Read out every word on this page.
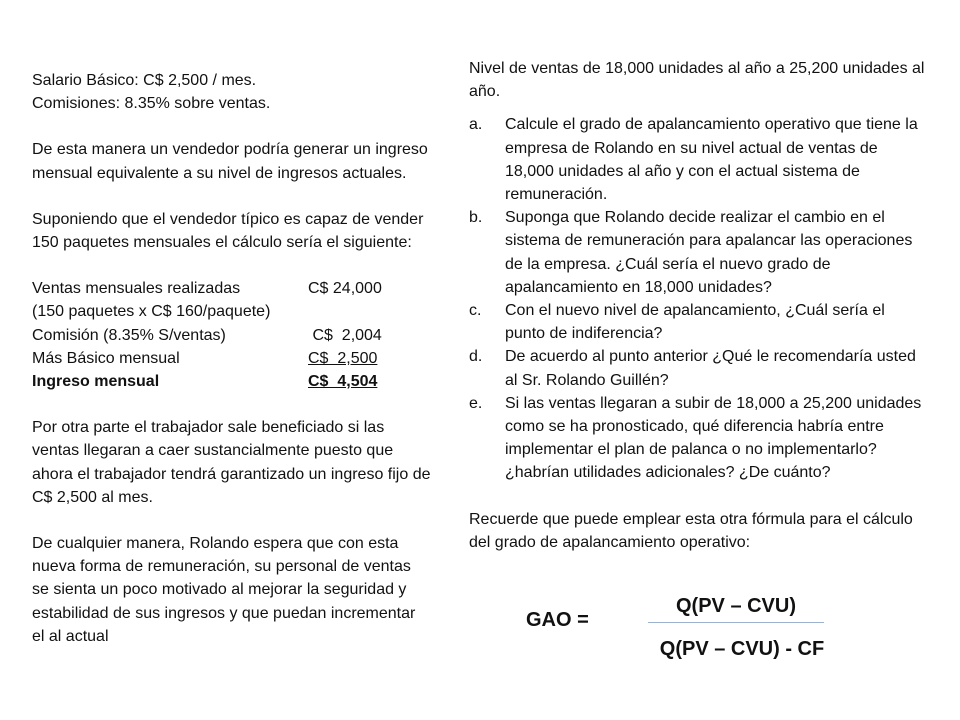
Salario Básico: C$ 2,500 / mes.

Comisiones: 8.35% sobre ventas.

De esta manera un vendedor podría generar un ingreso mensual equivalente a su nivel de ingresos actuales.

Suponiendo que el vendedor típico es capaz de vender 150 paquetes mensuales el cálculo sería el siguiente:

Ventas mensuales realizadas	C$ 24,000

(150 paquetes x C$ 160/paquete)

Comisión (8.35% S/ventas)	C$  2,004
Más Básico mensual	C$  2,500
Ingreso mensual	C$  4,504

Por otra parte el trabajador sale beneficiado si las ventas llegaran a caer sustancialmente puesto que ahora el trabajador tendrá garantizado un ingreso fijo de C$ 2,500 al mes.

De cualquier manera, Rolando espera que con esta nueva forma de remuneración, su personal de ventas se sienta un poco motivado al mejorar la seguridad y estabilidad de sus ingresos y que puedan incrementar el al actual

Nivel de ventas de 18,000 unidades al año a 25,200 unidades al año.

a.	Calcule el grado de apalancamiento operativo que tiene la empresa de Rolando en su nivel actual de ventas de 18,000 unidades al año y con el actual sistema de remuneración.
b.	Suponga que Rolando decide realizar el cambio en el sistema de remuneración para apalancar las operaciones de la empresa. ¿Cuál sería el nuevo grado de apalancamiento en 18,000 unidades?
c.	Con el nuevo nivel de apalancamiento, ¿Cuál sería el punto de indiferencia?
d.	De acuerdo al punto anterior ¿Qué le recomendaría usted al Sr. Rolando Guillén?
e.	Si las ventas llegaran a subir de 18,000 a 25,200 unidades como se ha pronosticado, qué diferencia habría entre implementar el plan de palanca o no implementarlo? ¿habrían utilidades adicionales? ¿De cuánto?

Recuerde que puede emplear esta otra fórmula para el cálculo del grado de apalancamiento operativo:

GAO =
Q(PV – CVU)
Q(PV – CVU) - CF
